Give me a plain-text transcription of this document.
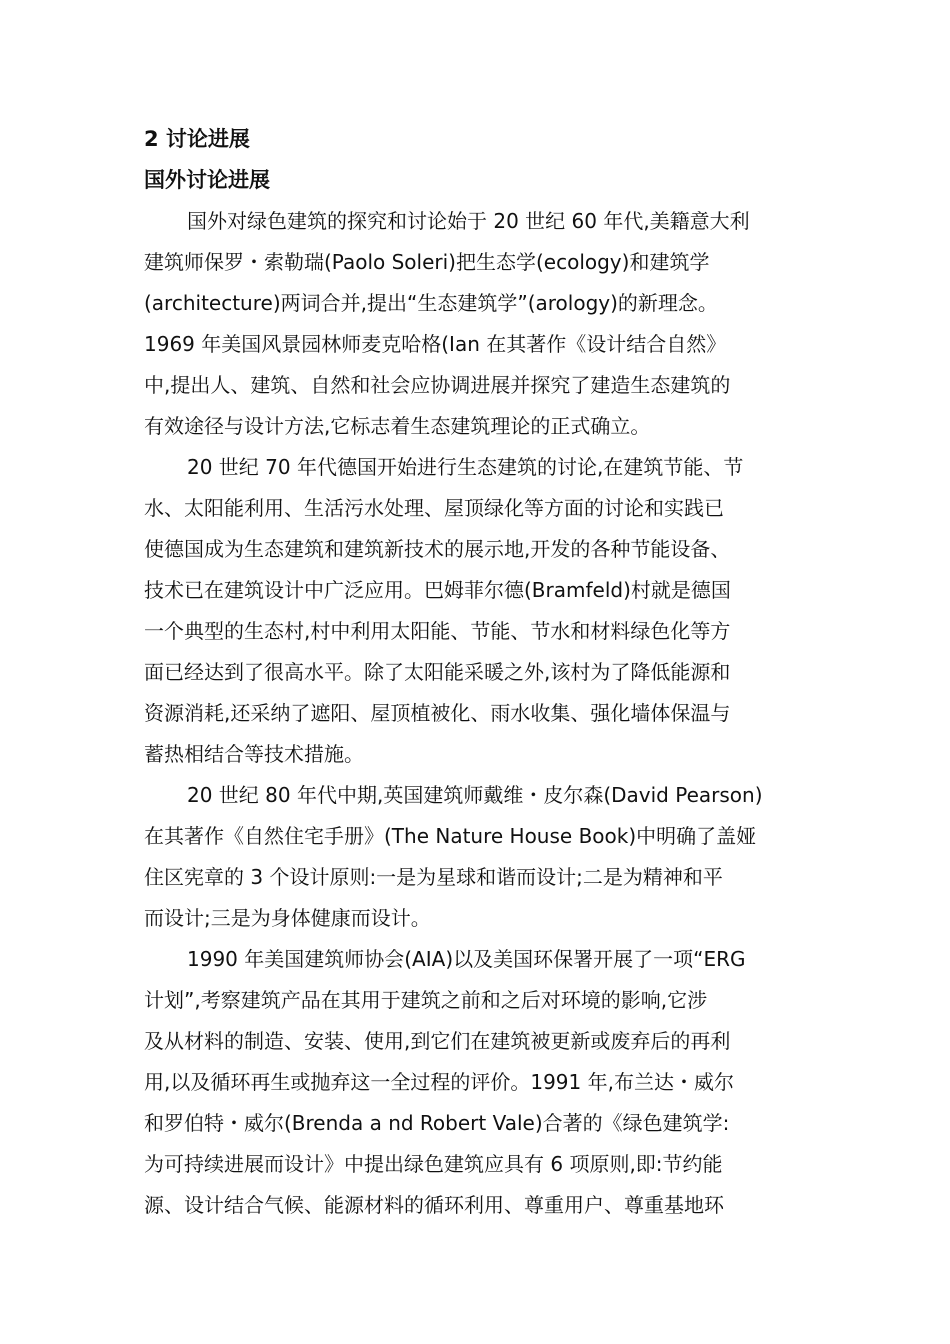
2 讨论进展
国外讨论进展
国外对绿色建筑的探究和讨论始于 20 世纪 60 年代,美籍意大利
建筑师保罗・索勒瑞(Paolo Soleri)把生态学(ecology)和建筑学
(architecture)两词合并,提出“生态建筑学”(arology)的新理念。
1969 年美国风景园林师麦克哈格(Ian 在其著作《设计结合自然》
中,提出人、建筑、自然和社会应协调进展并探究了建造生态建筑的
有效途径与设计方法,它标志着生态建筑理论的正式确立。
20 世纪 70 年代德国开始进行生态建筑的讨论,在建筑节能、节
水、太阳能利用、生活污水处理、屋顶绿化等方面的讨论和实践已
使德国成为生态建筑和建筑新技术的展示地,开发的各种节能设备、
技术已在建筑设计中广泛应用。巴姆菲尔德(Bramfeld)村就是德国
一个典型的生态村,村中利用太阳能、节能、节水和材料绿色化等方
面已经达到了很高水平。除了太阳能采暖之外,该村为了降低能源和
资源消耗,还采纳了遮阳、屋顶植被化、雨水收集、强化墙体保温与
蓄热相结合等技术措施。
20 世纪 80 年代中期,英国建筑师戴维・皮尔森(David Pearson)
在其著作《自然住宅手册》(The Nature House Book)中明确了盖娅
住区宪章的 3 个设计原则:一是为星球和谐而设计;二是为精神和平
而设计;三是为身体健康而设计。
1990 年美国建筑师协会(AIA)以及美国环保署开展了一项“ERG
计划”,考察建筑产品在其用于建筑之前和之后对环境的影响,它涉
及从材料的制造、安装、使用,到它们在建筑被更新或废弃后的再利
用,以及循环再生或抛弃这一全过程的评价。1991 年,布兰达・威尔
和罗伯特・威尔(Brenda a nd Robert Vale)合著的《绿色建筑学:
为可持续进展而设计》中提出绿色建筑应具有 6 项原则,即:节约能
源、设计结合气候、能源材料的循环利用、尊重用户、尊重基地环
